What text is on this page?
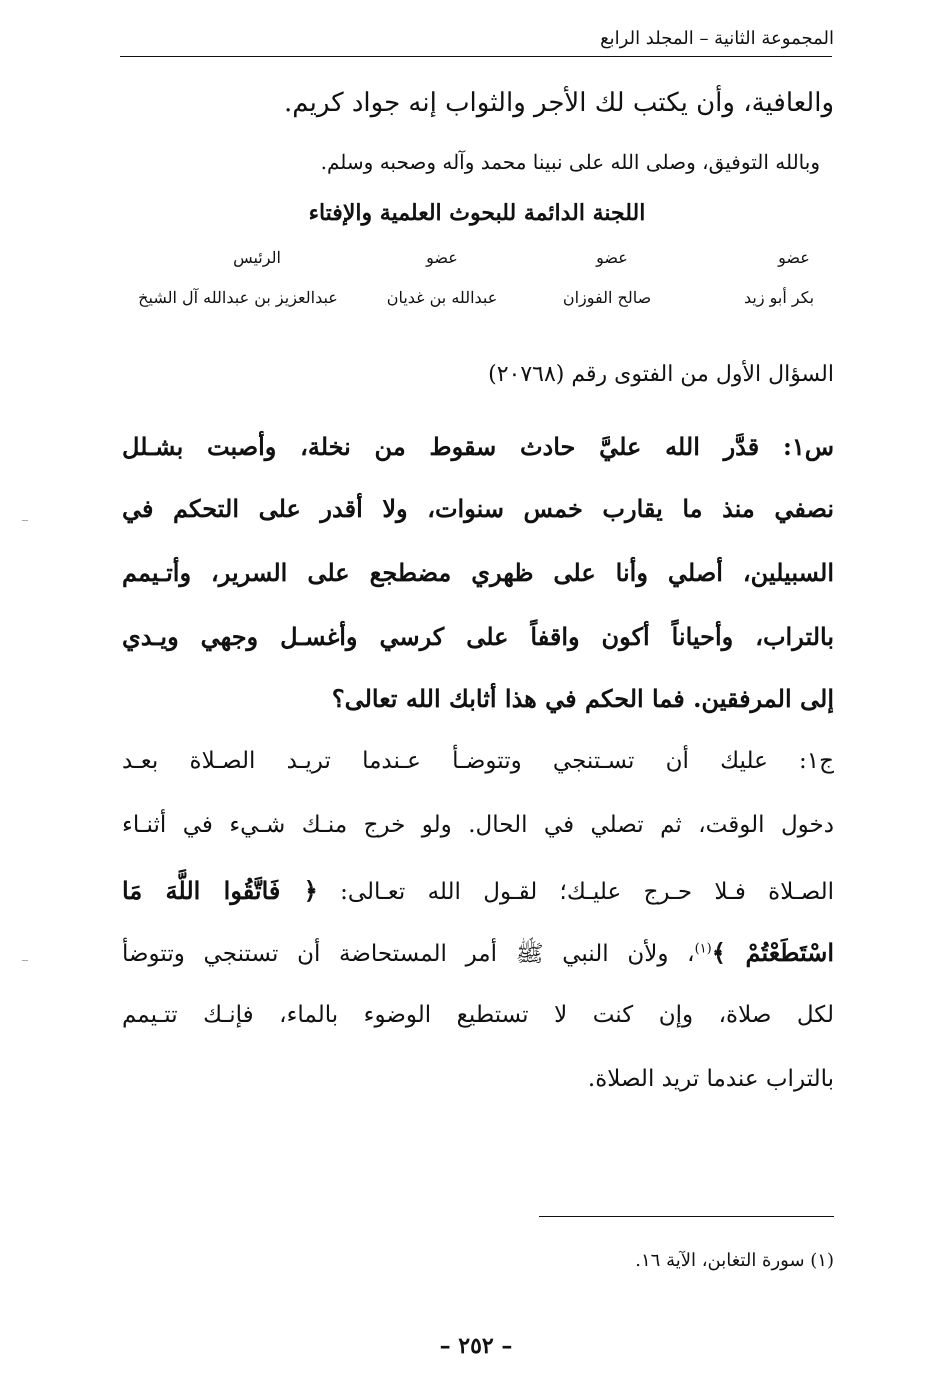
المجموعة الثانية – المجلد الرابع
والعافية، وأن يكتب لك الأجر والثواب إنه جواد كريم.
وبالله التوفيق، وصلى الله على نبينا محمد وآله وصحبه وسلم.
اللجنة الدائمة للبحوث العلمية والإفتاء
عضو
عضو
عضو
الرئيس
بكر أبو زيد
صالح الفوزان
عبدالله بن غديان
عبدالعزيز بن عبدالله آل الشيخ
السؤال الأول من الفتوى رقم (٢٠٧٦٨)
س١: قدَّر الله عليَّ حادث سقوط من نخلة، وأصبت بشـلل
نصفي منذ ما يقارب خمس سنوات، ولا أقدر على التحكم في
السبيلين، أصلي وأنا على ظهري مضطجع على السرير، وأتـيمم
بالتراب، وأحياناً أكون واقفاً على كرسي وأغسـل وجهي ويـدي
إلى المرفقين. فما الحكم في هذا أثابك الله تعالى؟
ج١: عليك أن تسـتنجي وتتوضـأ عـندما تريـد الصـلاة بعـد
دخول الوقت، ثم تصلي في الحال. ولو خرج منـك شـيء في أثنـاء
الصـلاة فـلا حـرج عليـك؛ لقـول الله تعـالى: ﴿ فَاتَّقُوا اللَّهَ مَا
اسْتَطَعْتُمْ ﴾$^{(١)}$، ولأن النبي ﷺ أمر المستحاضة أن تستنجي وتتوضأ
لكل صلاة، وإن كنت لا تستطيع الوضوء بالماء، فإنـك تتـيمم
بالتراب عندما تريد الصلاة.
(١) سورة التغابن، الآية ١٦.
– ٢٥٢ –
